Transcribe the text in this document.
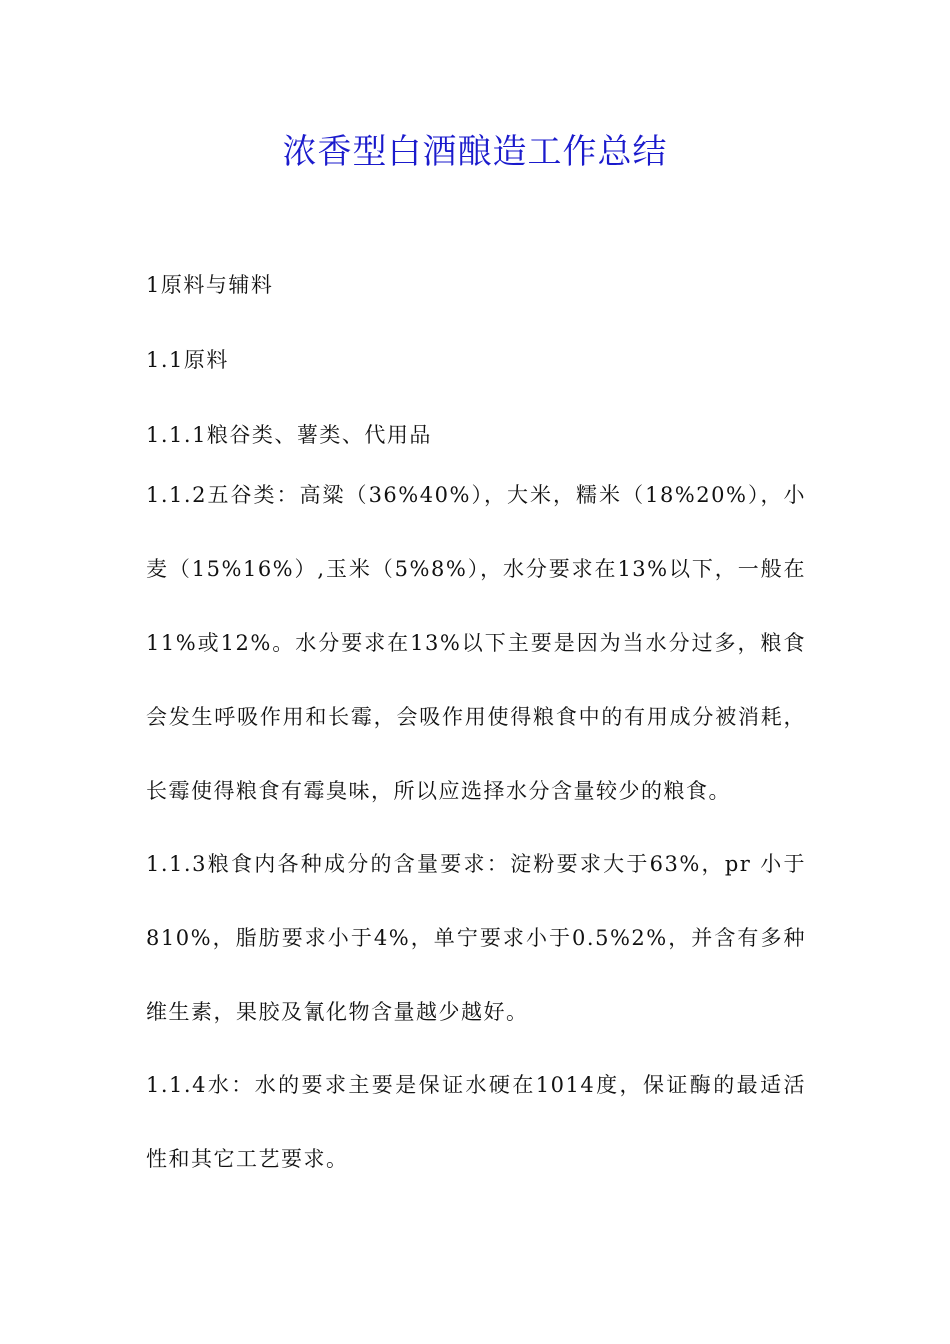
浓香型白酒酿造工作总结
1原料与辅料
1.1原料
1.1.1粮谷类、薯类、代用品
1.1.2五谷类：高粱（36%40%），大米，糯米（18%20%），小麦（15%16%）,玉米（5%8%），水分要求在13%以下，一般在11%或12%。水分要求在13%以下主要是因为当水分过多，粮食会发生呼吸作用和长霉，会吸作用使得粮食中的有用成分被消耗，长霉使得粮食有霉臭味，所以应选择水分含量较少的粮食。
1.1.3粮食内各种成分的含量要求：淀粉要求大于63%，pr 小于810%，脂肪要求小于4%，单宁要求小于0.5%2%，并含有多种维生素，果胶及氰化物含量越少越好。
1.1.4水：水的要求主要是保证水硬在1014度，保证酶的最适活性和其它工艺要求。
